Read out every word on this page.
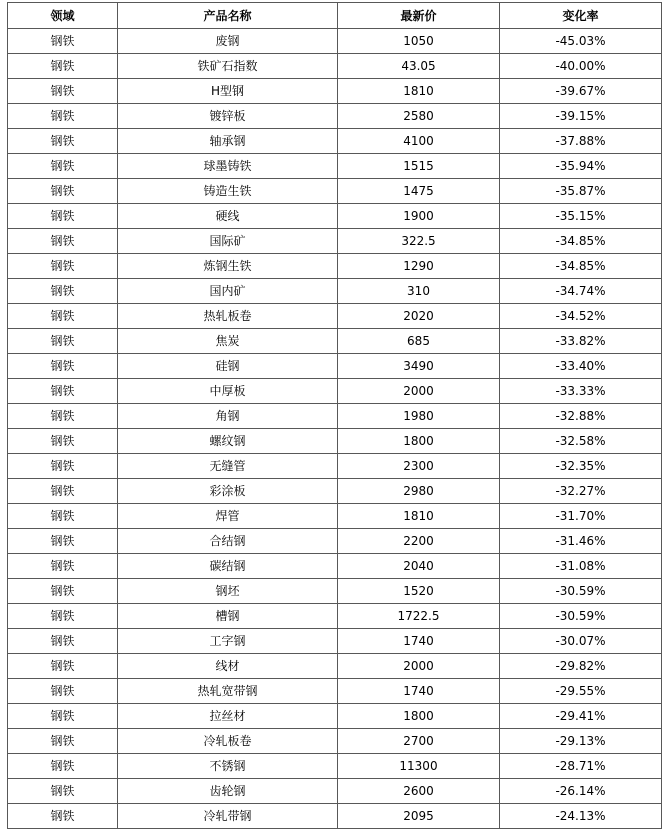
领域	产品名称	最新价	变化率
钢铁	废钢	1050	-45.03%
钢铁	铁矿石指数	43.05	-40.00%
钢铁	H型钢	1810	-39.67%
钢铁	镀锌板	2580	-39.15%
钢铁	轴承钢	4100	-37.88%
钢铁	球墨铸铁	1515	-35.94%
钢铁	铸造生铁	1475	-35.87%
钢铁	硬线	1900	-35.15%
钢铁	国际矿	322.5	-34.85%
钢铁	炼钢生铁	1290	-34.85%
钢铁	国内矿	310	-34.74%
钢铁	热轧板卷	2020	-34.52%
钢铁	焦炭	685	-33.82%
钢铁	硅钢	3490	-33.40%
钢铁	中厚板	2000	-33.33%
钢铁	角钢	1980	-32.88%
钢铁	螺纹钢	1800	-32.58%
钢铁	无缝管	2300	-32.35%
钢铁	彩涂板	2980	-32.27%
钢铁	焊管	1810	-31.70%
钢铁	合结钢	2200	-31.46%
钢铁	碳结钢	2040	-31.08%
钢铁	钢坯	1520	-30.59%
钢铁	槽钢	1722.5	-30.59%
钢铁	工字钢	1740	-30.07%
钢铁	线材	2000	-29.82%
钢铁	热轧宽带钢	1740	-29.55%
钢铁	拉丝材	1800	-29.41%
钢铁	冷轧板卷	2700	-29.13%
钢铁	不锈钢	11300	-28.71%
钢铁	齿轮钢	2600	-26.14%
钢铁	冷轧带钢	2095	-24.13%
